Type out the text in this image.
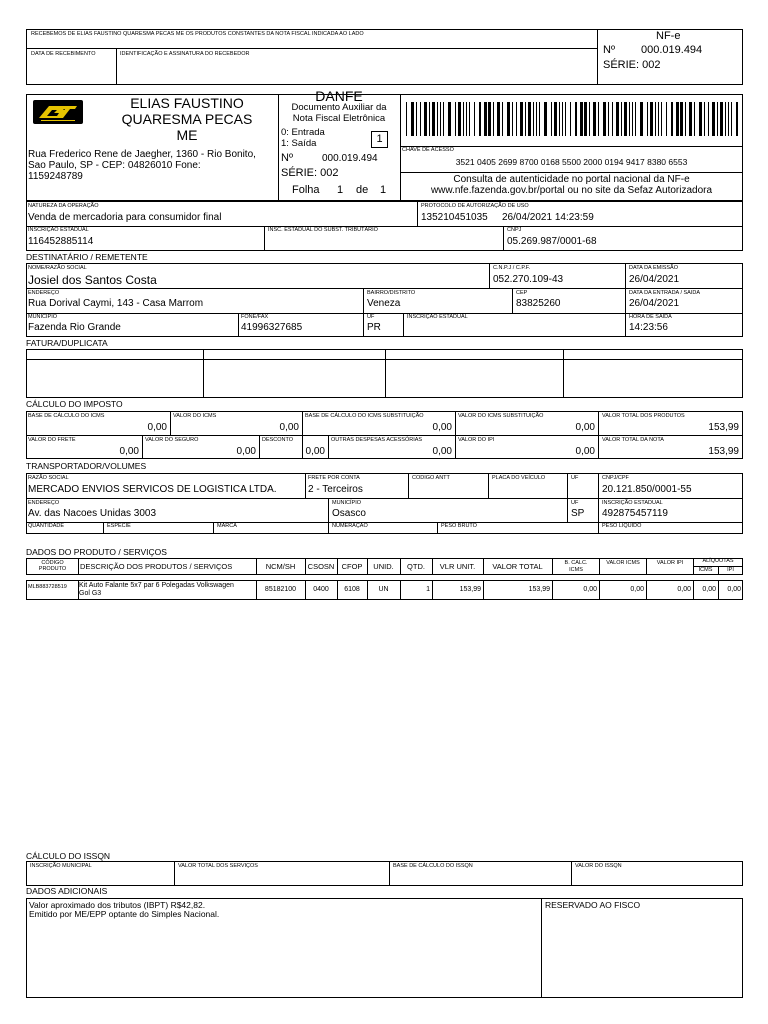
RECEBEMOS DE ELIAS FAUSTINO QUARESMA PECAS ME OS PRODUTOS CONSTANTES DA NOTA FISCAL INDICADA AO LADO
DATA DE RECEBIMENTO	IDENTIFICAÇÃO E ASSINATURA DO RECEBEDOR
NF-e
Nº 000.019.494
SÉRIE: 002
ELIAS FAUSTINO
QUARESMA PECAS
ME
Rua Frederico Rene de Jaegher, 1360 - Rio Bonito,
Sao Paulo, SP - CEP: 04826010 Fone:
1159248789
DANFE
Documento Auxiliar da
Nota Fiscal Eletrônica
0: Entrada
1: Saída	1
Nº	000.019.494
SÉRIE: 002
Folha 1 de 1
CHAVE DE ACESSO
3521 0405 2699 8700 0168 5500 2000 0194 9417 8380 6553
Consulta de autenticidade no portal nacional da NF-e
www.nfe.fazenda.gov.br/portal ou no site da Sefaz Autorizadora
NATUREZA DA OPERAÇÃO
Venda de mercadoria para consumidor final
PROTOCOLO DE AUTORIZAÇÃO DE USO
135210451035 26/04/2021 14:23:59
INSCRIÇÃO ESTADUAL
116452885114
INSC. ESTADUAL DO SUBST. TRIBUTÁRIO	CNPJ
05.269.987/0001-68
DESTINATÁRIO / REMETENTE
NOME/RAZÃO SOCIAL
Josiel dos Santos Costa
C.N.P.J / C.P.F.
052.270.109-43
DATA DA EMISSÃO
26/04/2021
ENDEREÇO
Rua Dorival Caymi, 143 - Casa Marrom
BAIRRO/DISTRITO
Veneza
CEP
83825260
DATA DA ENTRADA / SAIDA
26/04/2021
MUNICÍPIO
Fazenda Rio Grande
FONE/FAX
41996327685
UF
PR
INSCRIÇÃO ESTADUAL	HORA DE SAÍDA
14:23:56
FATURA/DUPLICATA
CÁLCULO DO IMPOSTO
BASE DE CÁLCULO DO ICMS
0,00
VALOR DO ICMS
0,00
BASE DE CÁLCULO DO ICMS SUBSTITUIÇÃO
0,00
VALOR DO ICMS SUBSTITUIÇÃO
0,00
VALOR TOTAL DOS PRODUTOS
153,99
VALOR DO FRETE
0,00
VALOR DO SEGURO
0,00
DESCONTO
0,00
OUTRAS DESPESAS ACESSÓRIAS
0,00
VALOR DO IPI
0,00
VALOR TOTAL DA NOTA
153,99
TRANSPORTADOR/VOLUMES
RAZÃO SOCIAL
MERCADO ENVIOS SERVICOS DE LOGISTICA LTDA.
FRETE POR CONTA
2 - Terceiros
CODIGO ANTT	PLACA DO VEÍCULO	UF	CNPJ/CPF
20.121.850/0001-55
ENDEREÇO
Av. das Nacoes Unidas 3003
MUNICÍPIO
Osasco
UF
SP
INSCRIÇÃO ESTADUAL
492875457119
QUANTIDADE	ESPÉCIE	MARCA	NUMERAÇÃO	PESO BRUTO	PESO LÍQUIDO
DADOS DO PRODUTO / SERVIÇOS
CÓDIGO PRODUTO	DESCRIÇÃO DOS PRODUTOS / SERVIÇOS	NCM/SH	CSOSN CFOP	UNID.	QTD.	VLR UNIT.	VALOR TOTAL	B. CALC. ICMS
VALOR ICMS	VALOR IPI	ALÍQUOTAS
ICMS	IPI
MLB883728519 Kit Auto Falante 5x7 par 6 Polegadas Volkswagen
Gol G3
85182100	0400	6108	UN	1	153,99	153,99	0,00	0,00	0,00	0,00	0,00
CÁLCULO DO ISSQN
INSCRIÇÃO MUNICIPAL	VALOR TOTAL DOS SERVIÇOS	BASE DE CÁLCULO DO ISSQN	VALOR DO ISSQN
DADOS ADICIONAIS
Valor aproximado dos tributos (IBPT) R$42,82.
Emitido por ME/EPP optante do Simples Nacional.
RESERVADO AO FISCO
